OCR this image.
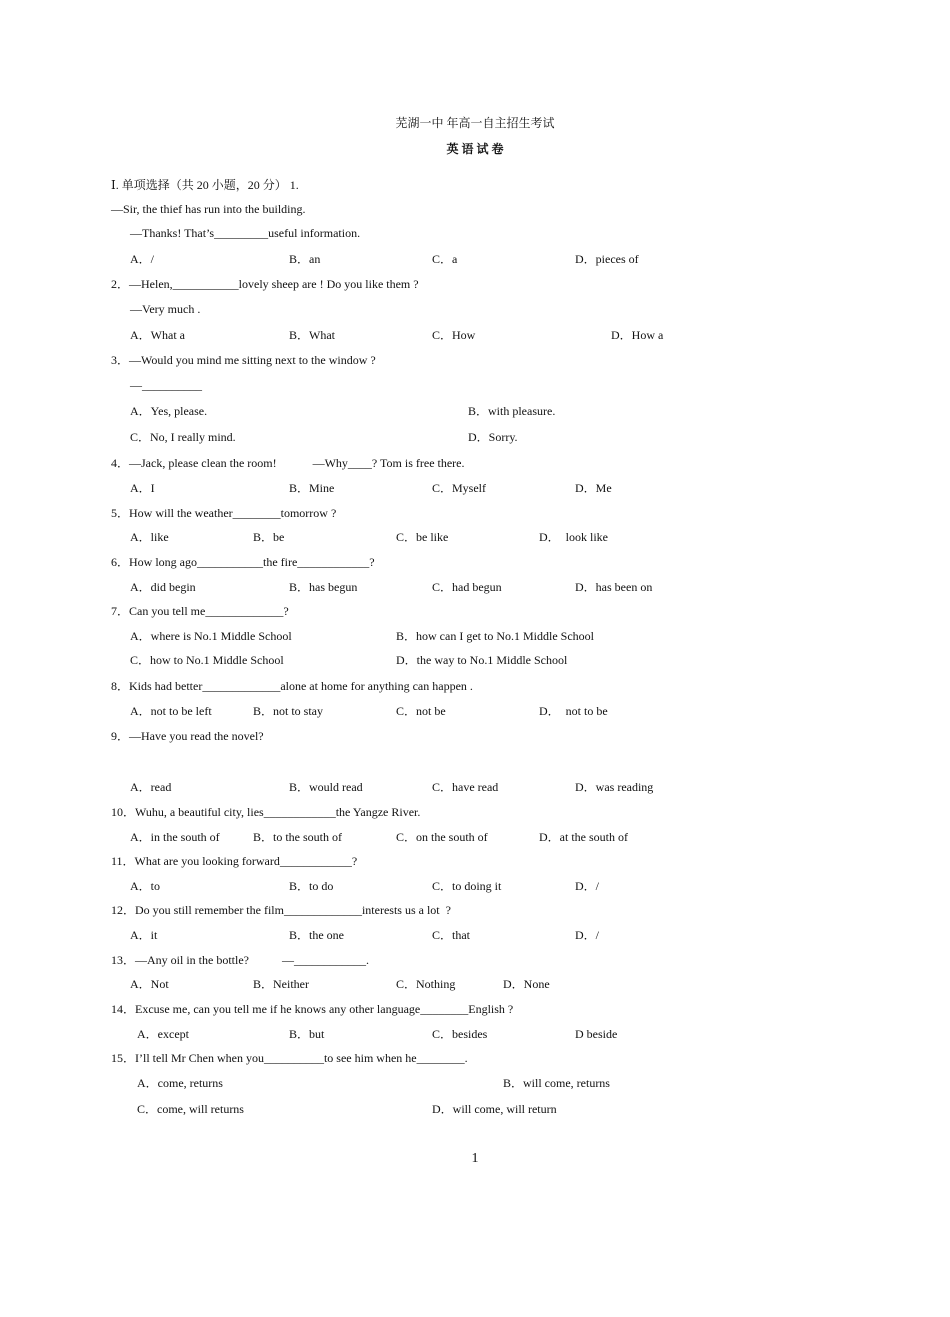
芜湖一中 年高一自主招生考试
英 语 试 卷
Ⅰ. 单项选择（共 20 小题，20 分） 1.
—Sir, the thief has run into the building.
—Thanks! That’s_________useful information.
A．/	B．an	C．a	D．pieces of
2．—Helen,___________lovely sheep are ! Do you like them ?
—Very much .
A．What a	B．What	C．How	D．How a
3．—Would you mind me sitting next to the window ?
—__________
A．Yes, please.	B．with pleasure.
C．No, I really mind.	D．Sorry.
4．—Jack, please clean the room!            —Why____? Tom is free there.
A．I	B．Mine	C．Myself	D．Me
5．How will the weather________tomorrow ?
A．like	B．be	C．be like	D．  look like
6．How long ago___________the fire____________?
A．did begin	B．has begun	C．had begun	D．has been on
7．Can you tell me_____________?
A．where is No.1 Middle School	B．how can I get to No.1 Middle School
C．how to No.1 Middle School	D．the way to No.1 Middle School
8．Kids had better_____________alone at home for anything can happen .
A．not to be left	B．not to stay	C．not be	D．  not to be
9．—Have you read the novel?
A．read	B．would read	C．have read	D．was reading
10．Wuhu, a beautiful city, lies____________the Yangze River.
A．in the south of	B．to the south of	C．on the south of	D．at the south of
11．What are you looking forward____________?
A．to	B．to do	C．to doing it	D．/
12．Do you still remember the film_____________interests us a lot  ?
A．it	B．the one	C．that	D．/
13．—Any oil in the bottle?           —____________.
A．Not	B．Neither	C．Nothing	D．None
14．Excuse me, can you tell me if he knows any other language________English ?
A．except	B．but	C．besides	D beside
15．I’ll tell Mr Chen when you__________to see him when he________.
A．come, returns	B．will come, returns
C．come, will returns	D．will come, will return
1
